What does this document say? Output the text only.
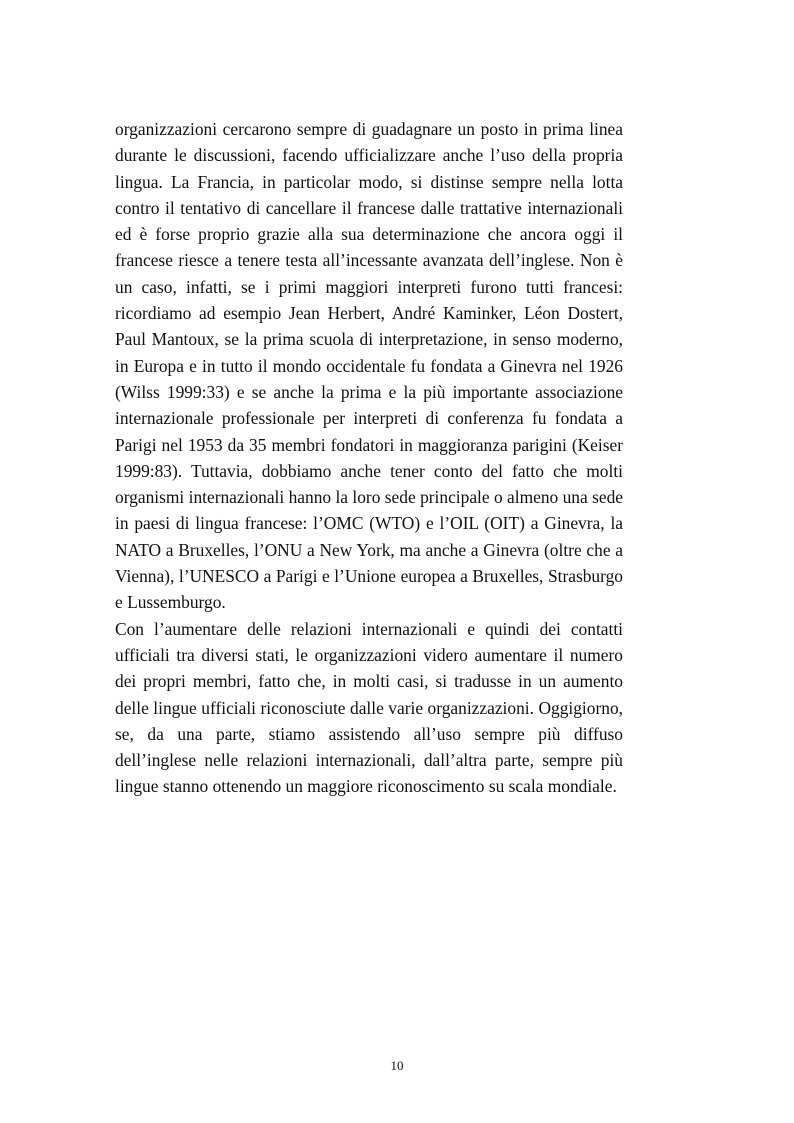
organizzazioni cercarono sempre di guadagnare un posto in prima linea durante le discussioni, facendo ufficializzare anche l’uso della propria lingua. La Francia, in particolar modo, si distinse sempre nella lotta contro il tentativo di cancellare il francese dalle trattative internazionali ed è forse proprio grazie alla sua determinazione che ancora oggi il francese riesce a tenere testa all’incessante avanzata dell’inglese. Non è un caso, infatti, se i primi maggiori interpreti furono tutti francesi: ricordiamo ad esempio Jean Herbert, André Kaminker, Léon Dostert, Paul Mantoux, se la prima scuola di interpretazione, in senso moderno, in Europa e in tutto il mondo occidentale fu fondata a Ginevra nel 1926 (Wilss 1999:33) e se anche la prima e la più importante associazione internazionale professionale per interpreti di conferenza fu fondata a Parigi nel 1953 da 35 membri fondatori in maggioranza parigini (Keiser 1999:83). Tuttavia, dobbiamo anche tener conto del fatto che molti organismi internazionali hanno la loro sede principale o almeno una sede in paesi di lingua francese: l’OMC (WTO) e l’OIL (OIT) a Ginevra, la NATO a Bruxelles, l’ONU a New York, ma anche a Ginevra (oltre che a Vienna), l’UNESCO a Parigi e l’Unione europea a Bruxelles, Strasburgo e Lussemburgo.

Con l’aumentare delle relazioni internazionali e quindi dei contatti ufficiali tra diversi stati, le organizzazioni videro aumentare il numero dei propri membri, fatto che, in molti casi, si tradusse in un aumento delle lingue ufficiali riconosciute dalle varie organizzazioni. Oggigiorno, se, da una parte, stiamo assistendo all’uso sempre più diffuso dell’inglese nelle relazioni internazionali, dall’altra parte, sempre più lingue stanno ottenendo un maggiore riconoscimento su scala mondiale.

10
